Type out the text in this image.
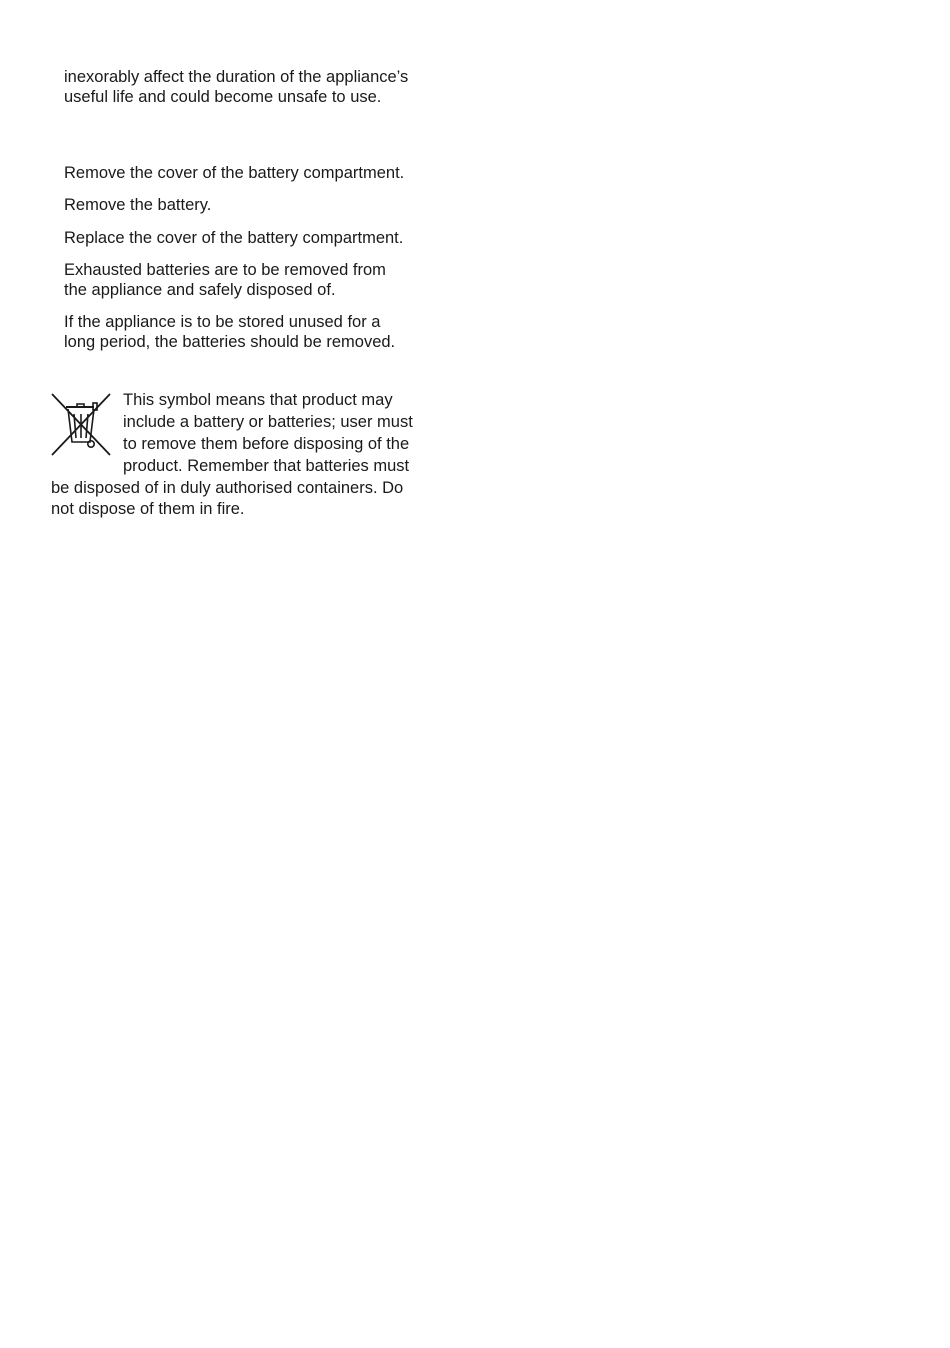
inexorably affect the duration of the appliance’s
useful life and could become unsafe to use.

Remove the cover of the battery compartment.

Remove the battery.

Replace the cover of the battery compartment.

Exhausted batteries are to be removed from
the appliance and safely disposed of.

If the appliance is to be stored unused for a
long period, the batteries should be removed.

This symbol means that product may

include a battery or batteries; user must

to remove them before disposing of the

product. Remember that batteries must

be disposed of in duly authorised containers. Do

not dispose of them in fire.
